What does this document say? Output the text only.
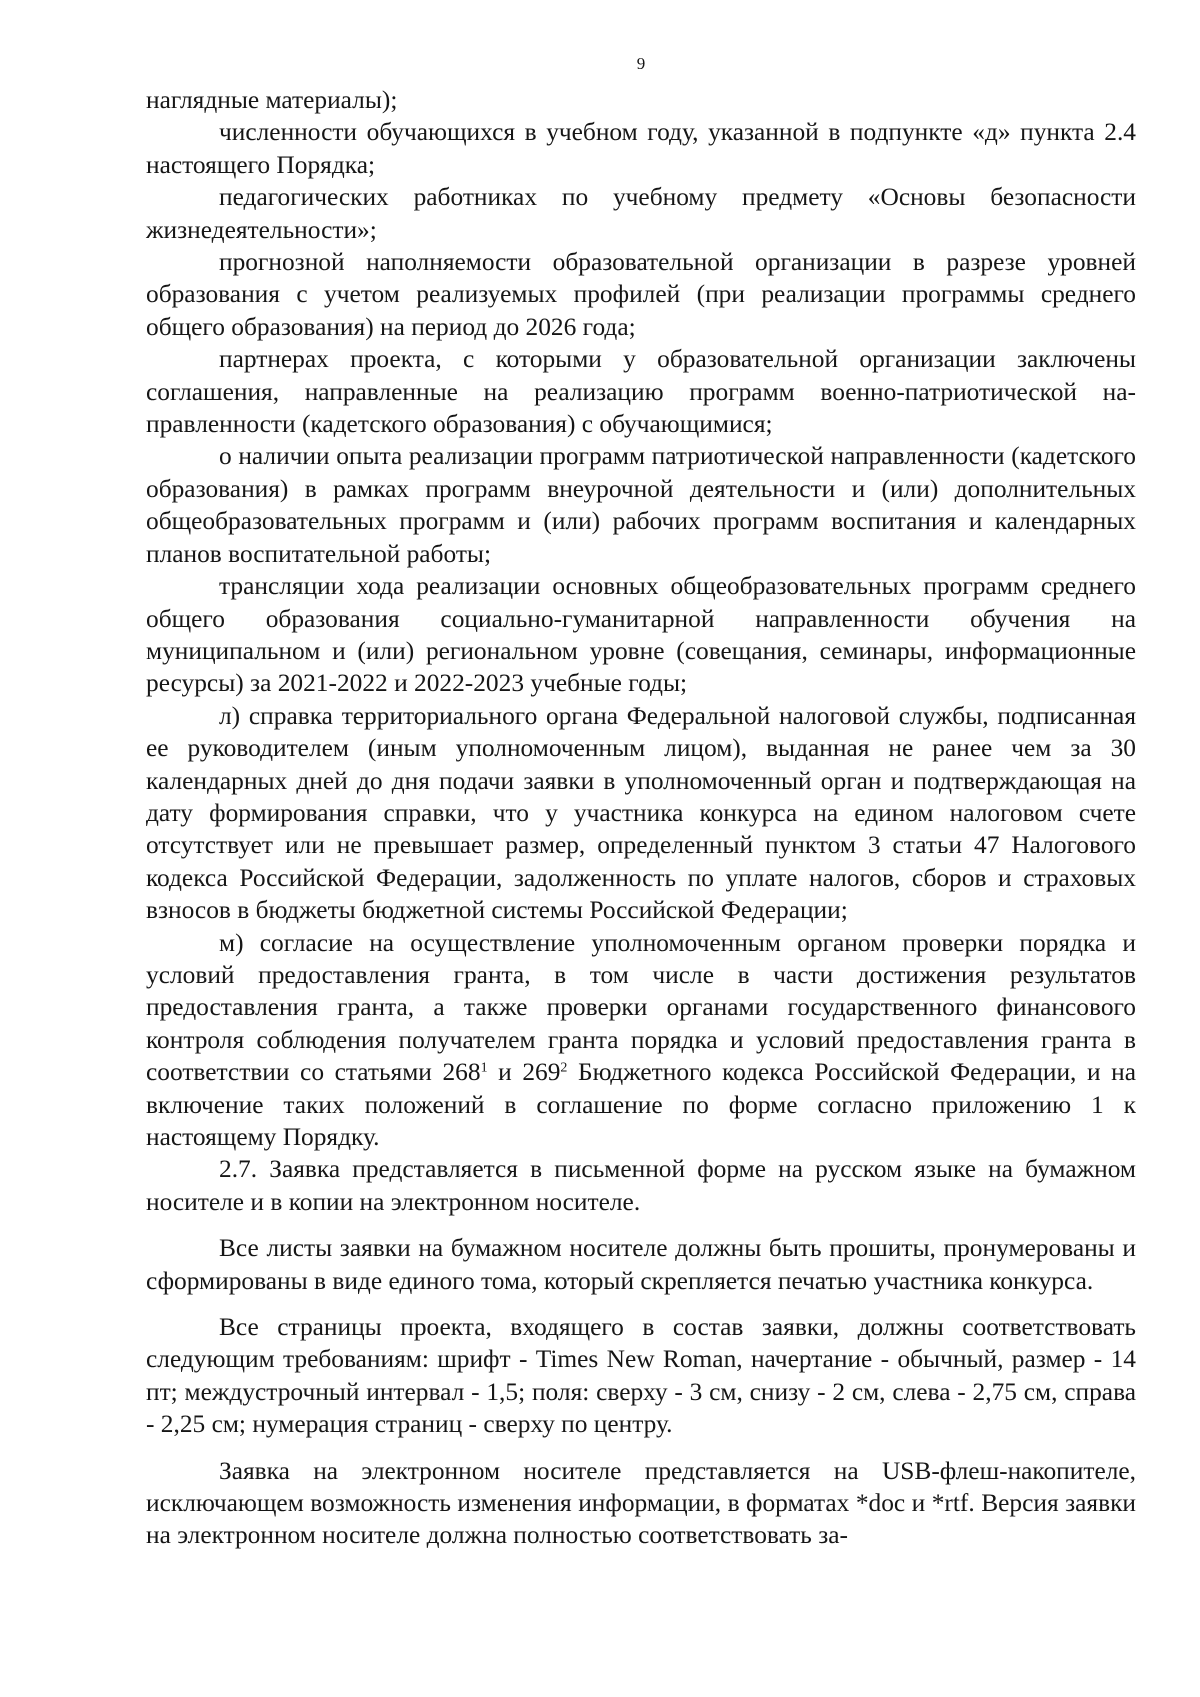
9

наглядные материалы);

численности обучающихся в учебном году, указанной в подпункте «д» пункта 2.4 настоящего Порядка;

педагогических работниках по учебному предмету «Основы безопасности жизнедеятельности»;

прогнозной наполняемости образовательной организации в разрезе уровней образования с учетом реализуемых профилей (при реализации программы среднего общего образования) на период до 2026 года;

партнерах проекта, с которыми у образовательной организации заключены соглашения, направленные на реализацию программ военно-патриотической направленности (кадетского образования) с обучающимися;

о наличии опыта реализации программ патриотической направленности (кадетского образования) в рамках программ внеурочной деятельности и (или) дополнительных общеобразовательных программ и (или) рабочих программ воспитания и календарных планов воспитательной работы;

трансляции хода реализации основных общеобразовательных программ среднего общего образования социально-гуманитарной направленности обучения на муниципальном и (или) региональном уровне (совещания, семинары, информационные ресурсы) за 2021-2022 и 2022-2023 учебные годы;

л) справка территориального органа Федеральной налоговой службы, подписанная ее руководителем (иным уполномоченным лицом), выданная не ранее чем за 30 календарных дней до дня подачи заявки в уполномоченный орган и подтверждающая на дату формирования справки, что у участника конкурса на едином налоговом счете отсутствует или не превышает размер, определенный пунктом 3 статьи 47 Налогового кодекса Российской Федерации, задолженность по уплате налогов, сборов и страховых взносов в бюджеты бюджетной системы Российской Федерации;

м) согласие на осуществление уполномоченным органом проверки порядка и условий предоставления гранта, в том числе в части достижения результатов предоставления гранта, а также проверки органами государственного финансового контроля соблюдения получателем гранта порядка и условий предоставления гранта в соответствии со статьями $268^1$ и $269^2$ Бюджетного кодекса Российской Федерации, и на включение таких положений в соглашение по форме согласно приложению 1 к настоящему Порядку.

2.7. Заявка представляется в письменной форме на русском языке на бумажном носителе и в копии на электронном носителе.

Все листы заявки на бумажном носителе должны быть прошиты, пронумерованы и сформированы в виде единого тома, который скрепляется печатью участника конкурса.

Все страницы проекта, входящего в состав заявки, должны соответствовать следующим требованиям: шрифт - Times New Roman, начертание - обычный, размер - 14 пт; междустрочный интервал - 1,5; поля: сверху - 3 см, снизу - 2 см, слева - 2,75 см, справа - 2,25 см; нумерация страниц - сверху по центру.

Заявка на электронном носителе представляется на USB-флеш-накопителе, исключающем возможность изменения информации, в форматах *doc и *rtf. Версия заявки на электронном носителе должна полностью соответствовать за-
